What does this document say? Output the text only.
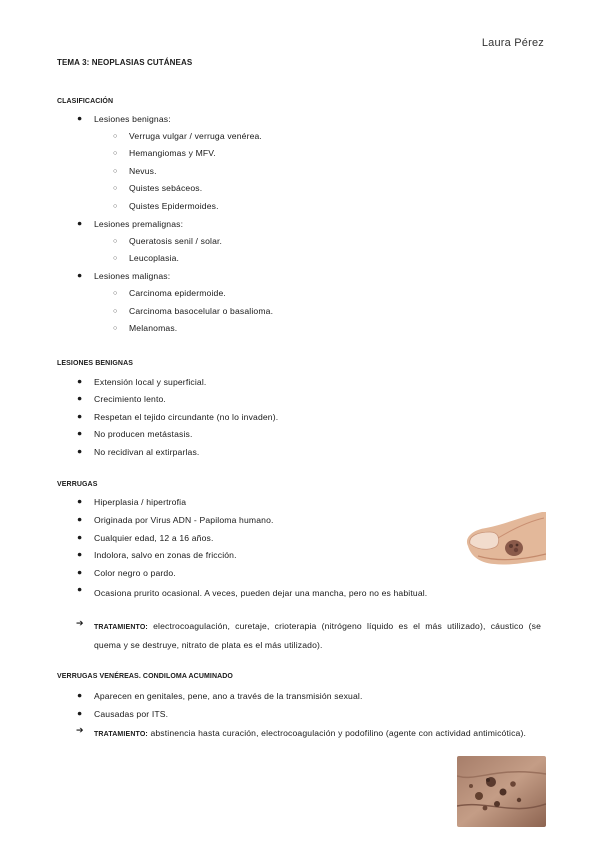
Laura Pérez
TEMA 3: NEOPLASIAS CUTÁNEAS
CLASIFICACIÓN
● Lesiones benignas:
○ Verruga vulgar / verruga venérea.
○ Hemangiomas y MFV.
○ Nevus.
○ Quistes sebáceos.
○ Quistes Epidermoides.
● Lesiones premalignas:
○ Queratosis senil / solar.
○ Leucoplasia.
● Lesiones malignas:
○ Carcinoma epidermoide.
○ Carcinoma basocelular o basalioma.
○ Melanomas.
LESIONES BENIGNAS
● Extensión local y superficial.
● Crecimiento lento.
● Respetan el tejido circundante (no lo invaden).
● No producen metástasis.
● No recidivan al extirparlas.
VERRUGAS
● Hiperplasia / hipertrofia
● Originada por Virus ADN - Papiloma humano.
● Cualquier edad, 12 a 16 años.
● Indolora, salvo en zonas de fricción.
● Color negro o pardo.
● Ocasiona prurito ocasional. A veces, pueden dejar una mancha, pero no es habitual.
➔ TRATAMIENTO: electrocoagulación, curetaje, crioterapia (nitrógeno líquido es el más utilizado), cáustico (se quema y se destruye, nitrato de plata es el más utilizado).
VERRUGAS VENÉREAS. CONDILOMA ACUMINADO
● Aparecen en genitales, pene, ano a través de la transmisión sexual.
● Causadas por ITS.
➔ TRATAMIENTO: abstinencia hasta curación, electrocoagulación y podofilino (agente con actividad antimicótica).
